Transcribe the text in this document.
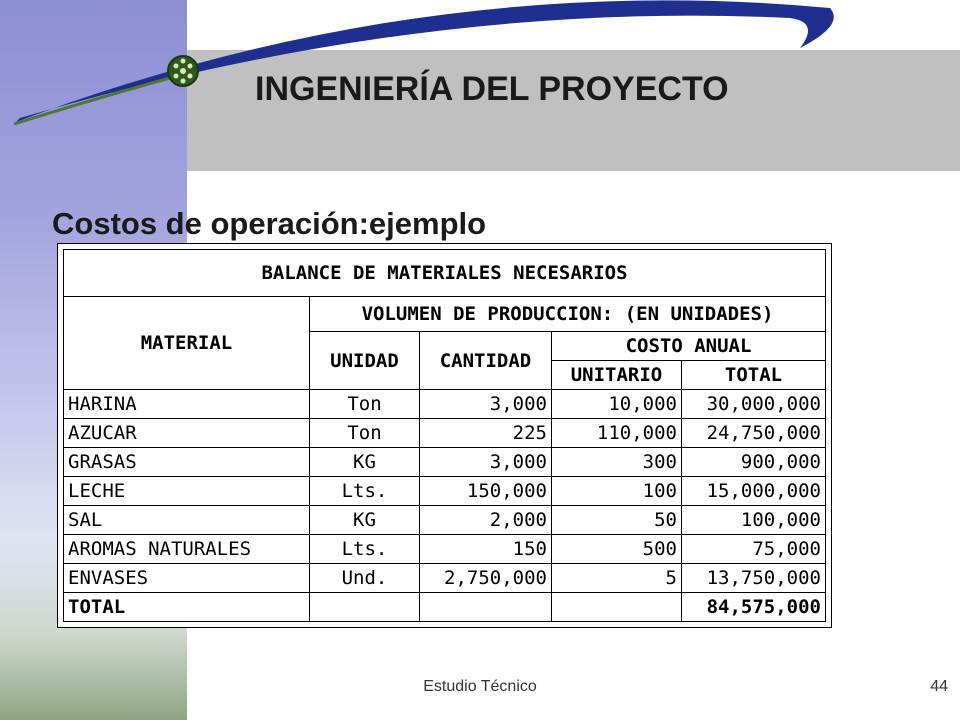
INGENIERÍA DEL PROYECTO
Costos de operación:ejemplo
BALANCE DE MATERIALES NECESARIOS				
MATERIAL	VOLUMEN DE PRODUCCION: (EN UNIDADES)			
	UNIDAD	CANTIDAD	COSTO ANUAL	
			UNITARIO	TOTAL
HARINA	Ton	3,000	10,000	30,000,000
AZUCAR	Ton	225	110,000	24,750,000
GRASAS	KG	3,000	300	900,000
LECHE	Lts.	150,000	100	15,000,000
SAL	KG	2,000	50	100,000
AROMAS NATURALES	Lts.	150	500	75,000
ENVASES	Und.	2,750,000	5	13,750,000
TOTAL				84,575,000
Estudio Técnico	44
